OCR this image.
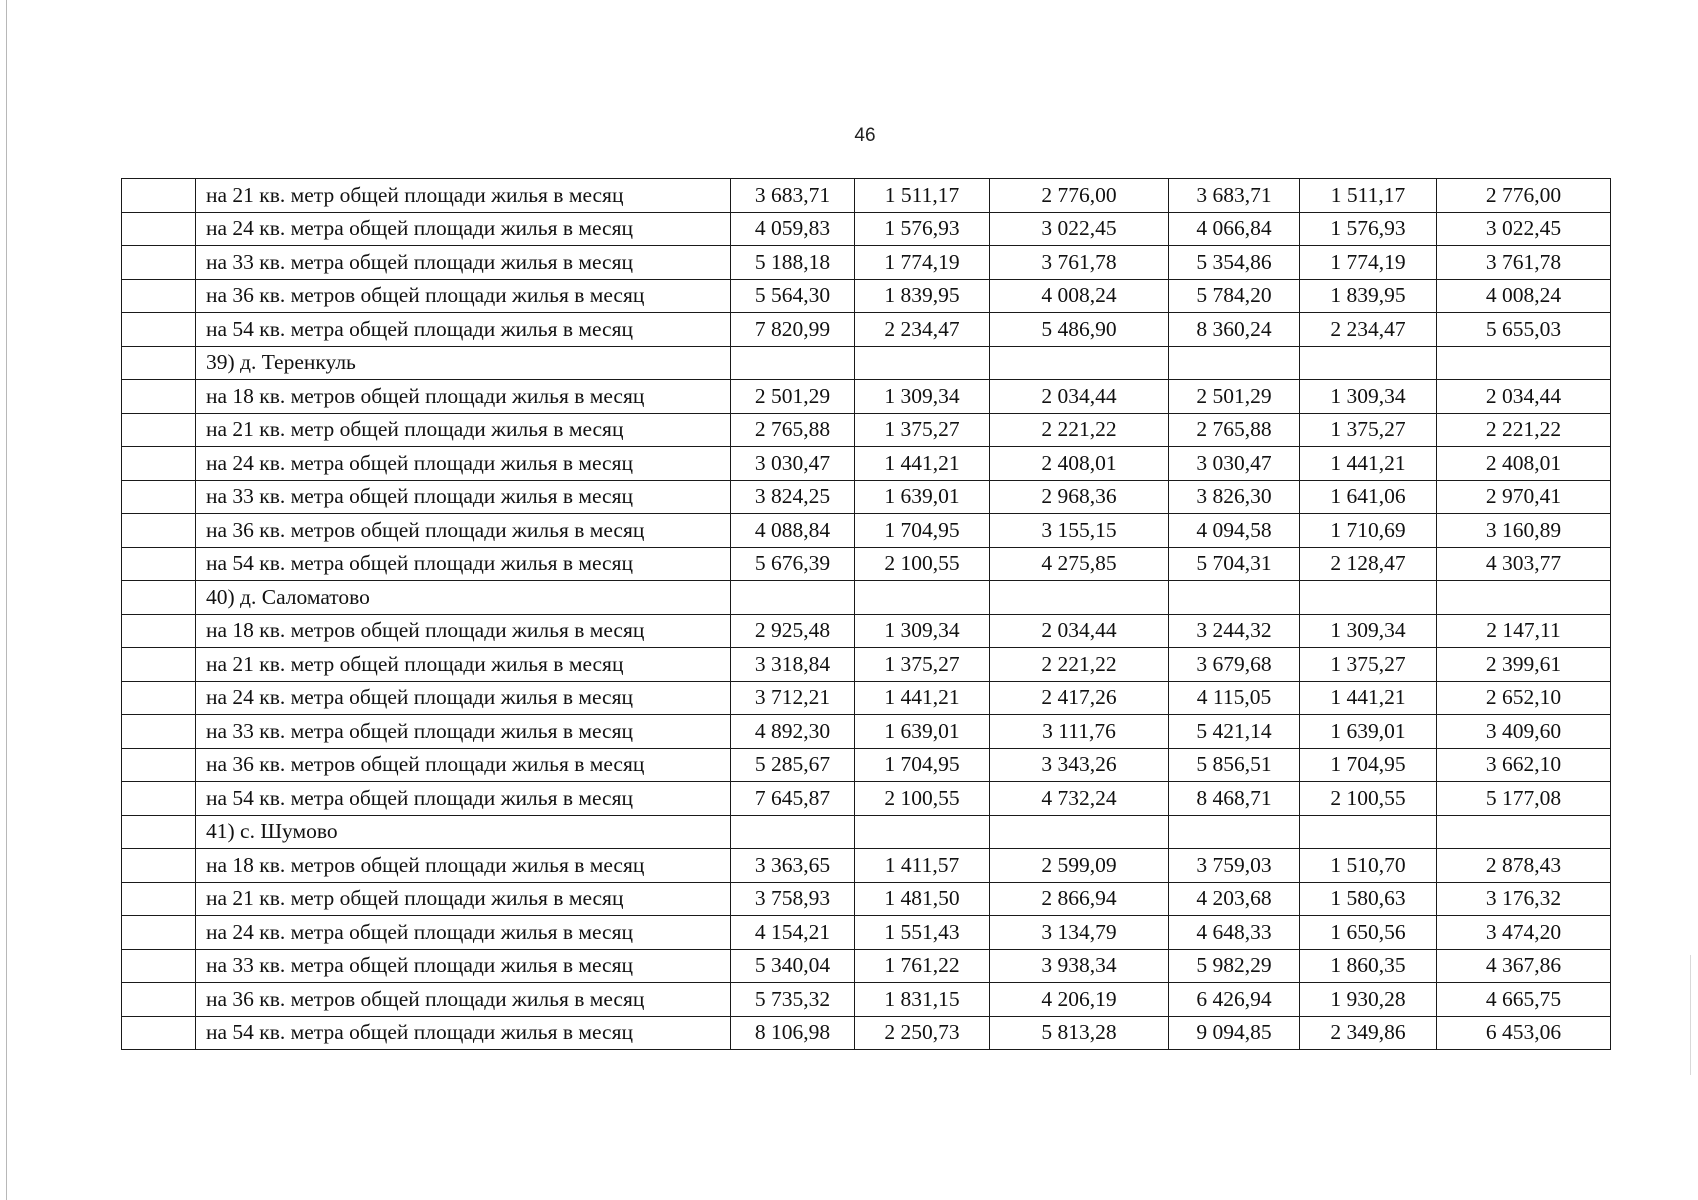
46
	на 21 кв. метр общей площади жилья в месяц	3 683,71	1 511,17	2 776,00	3 683,71	1 511,17	2 776,00
	на 24 кв. метра общей площади жилья в месяц	4 059,83	1 576,93	3 022,45	4 066,84	1 576,93	3 022,45
	на 33 кв. метра общей площади жилья в месяц	5 188,18	1 774,19	3 761,78	5 354,86	1 774,19	3 761,78
	на 36 кв. метров общей площади жилья в месяц	5 564,30	1 839,95	4 008,24	5 784,20	1 839,95	4 008,24
	на 54 кв. метра общей площади жилья в месяц	7 820,99	2 234,47	5 486,90	8 360,24	2 234,47	5 655,03
	39) д. Теренкуль						
	на 18 кв. метров общей площади жилья в месяц	2 501,29	1 309,34	2 034,44	2 501,29	1 309,34	2 034,44
	на 21 кв. метр общей площади жилья в месяц	2 765,88	1 375,27	2 221,22	2 765,88	1 375,27	2 221,22
	на 24 кв. метра общей площади жилья в месяц	3 030,47	1 441,21	2 408,01	3 030,47	1 441,21	2 408,01
	на 33 кв. метра общей площади жилья в месяц	3 824,25	1 639,01	2 968,36	3 826,30	1 641,06	2 970,41
	на 36 кв. метров общей площади жилья в месяц	4 088,84	1 704,95	3 155,15	4 094,58	1 710,69	3 160,89
	на 54 кв. метра общей площади жилья в месяц	5 676,39	2 100,55	4 275,85	5 704,31	2 128,47	4 303,77
	40) д. Саломатово						
	на 18 кв. метров общей площади жилья в месяц	2 925,48	1 309,34	2 034,44	3 244,32	1 309,34	2 147,11
	на 21 кв. метр общей площади жилья в месяц	3 318,84	1 375,27	2 221,22	3 679,68	1 375,27	2 399,61
	на 24 кв. метра общей площади жилья в месяц	3 712,21	1 441,21	2 417,26	4 115,05	1 441,21	2 652,10
	на 33 кв. метра общей площади жилья в месяц	4 892,30	1 639,01	3 111,76	5 421,14	1 639,01	3 409,60
	на 36 кв. метров общей площади жилья в месяц	5 285,67	1 704,95	3 343,26	5 856,51	1 704,95	3 662,10
	на 54 кв. метра общей площади жилья в месяц	7 645,87	2 100,55	4 732,24	8 468,71	2 100,55	5 177,08
	41) с. Шумово						
	на 18 кв. метров общей площади жилья в месяц	3 363,65	1 411,57	2 599,09	3 759,03	1 510,70	2 878,43
	на 21 кв. метр общей площади жилья в месяц	3 758,93	1 481,50	2 866,94	4 203,68	1 580,63	3 176,32
	на 24 кв. метра общей площади жилья в месяц	4 154,21	1 551,43	3 134,79	4 648,33	1 650,56	3 474,20
	на 33 кв. метра общей площади жилья в месяц	5 340,04	1 761,22	3 938,34	5 982,29	1 860,35	4 367,86
	на 36 кв. метров общей площади жилья в месяц	5 735,32	1 831,15	4 206,19	6 426,94	1 930,28	4 665,75
	на 54 кв. метра общей площади жилья в месяц	8 106,98	2 250,73	5 813,28	9 094,85	2 349,86	6 453,06
